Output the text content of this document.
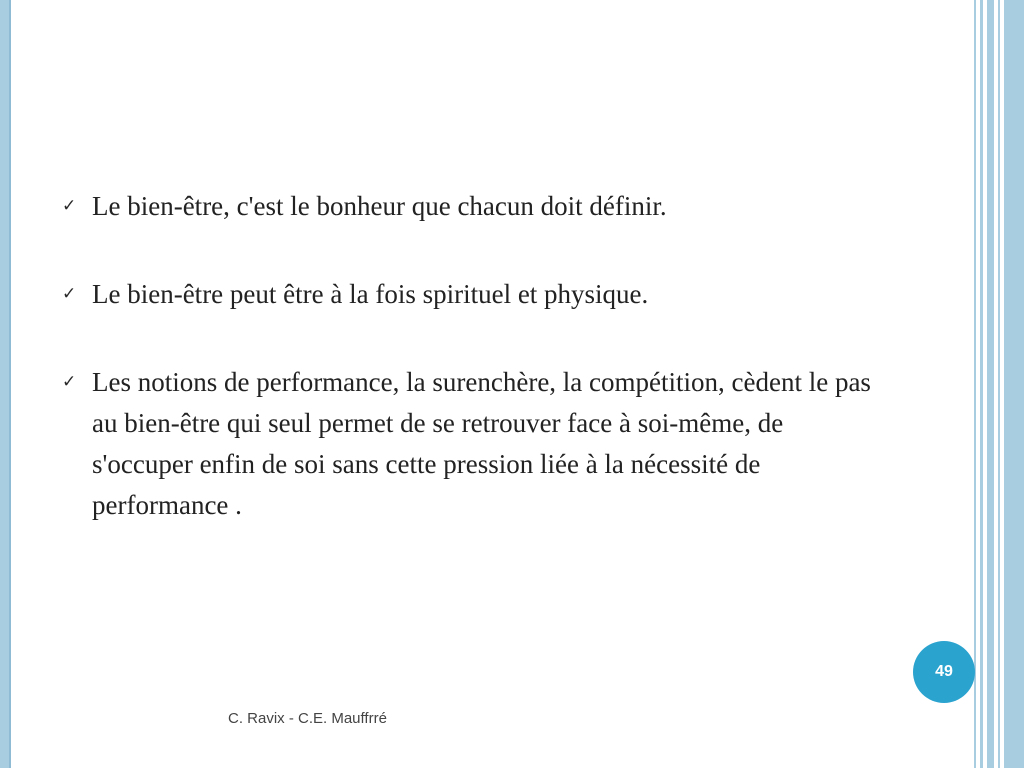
✓ Le bien-être, c'est le bonheur que chacun doit définir.
✓ Le bien-être peut être à la fois spirituel et physique.
✓ Les notions de performance, la surenchère, la compétition, cèdent le pas au bien-être qui seul permet de se retrouver face à soi-même, de s'occuper enfin de soi sans cette pression liée à la nécessité de performance .
49
C. Ravix - C.E. Mauffrré
